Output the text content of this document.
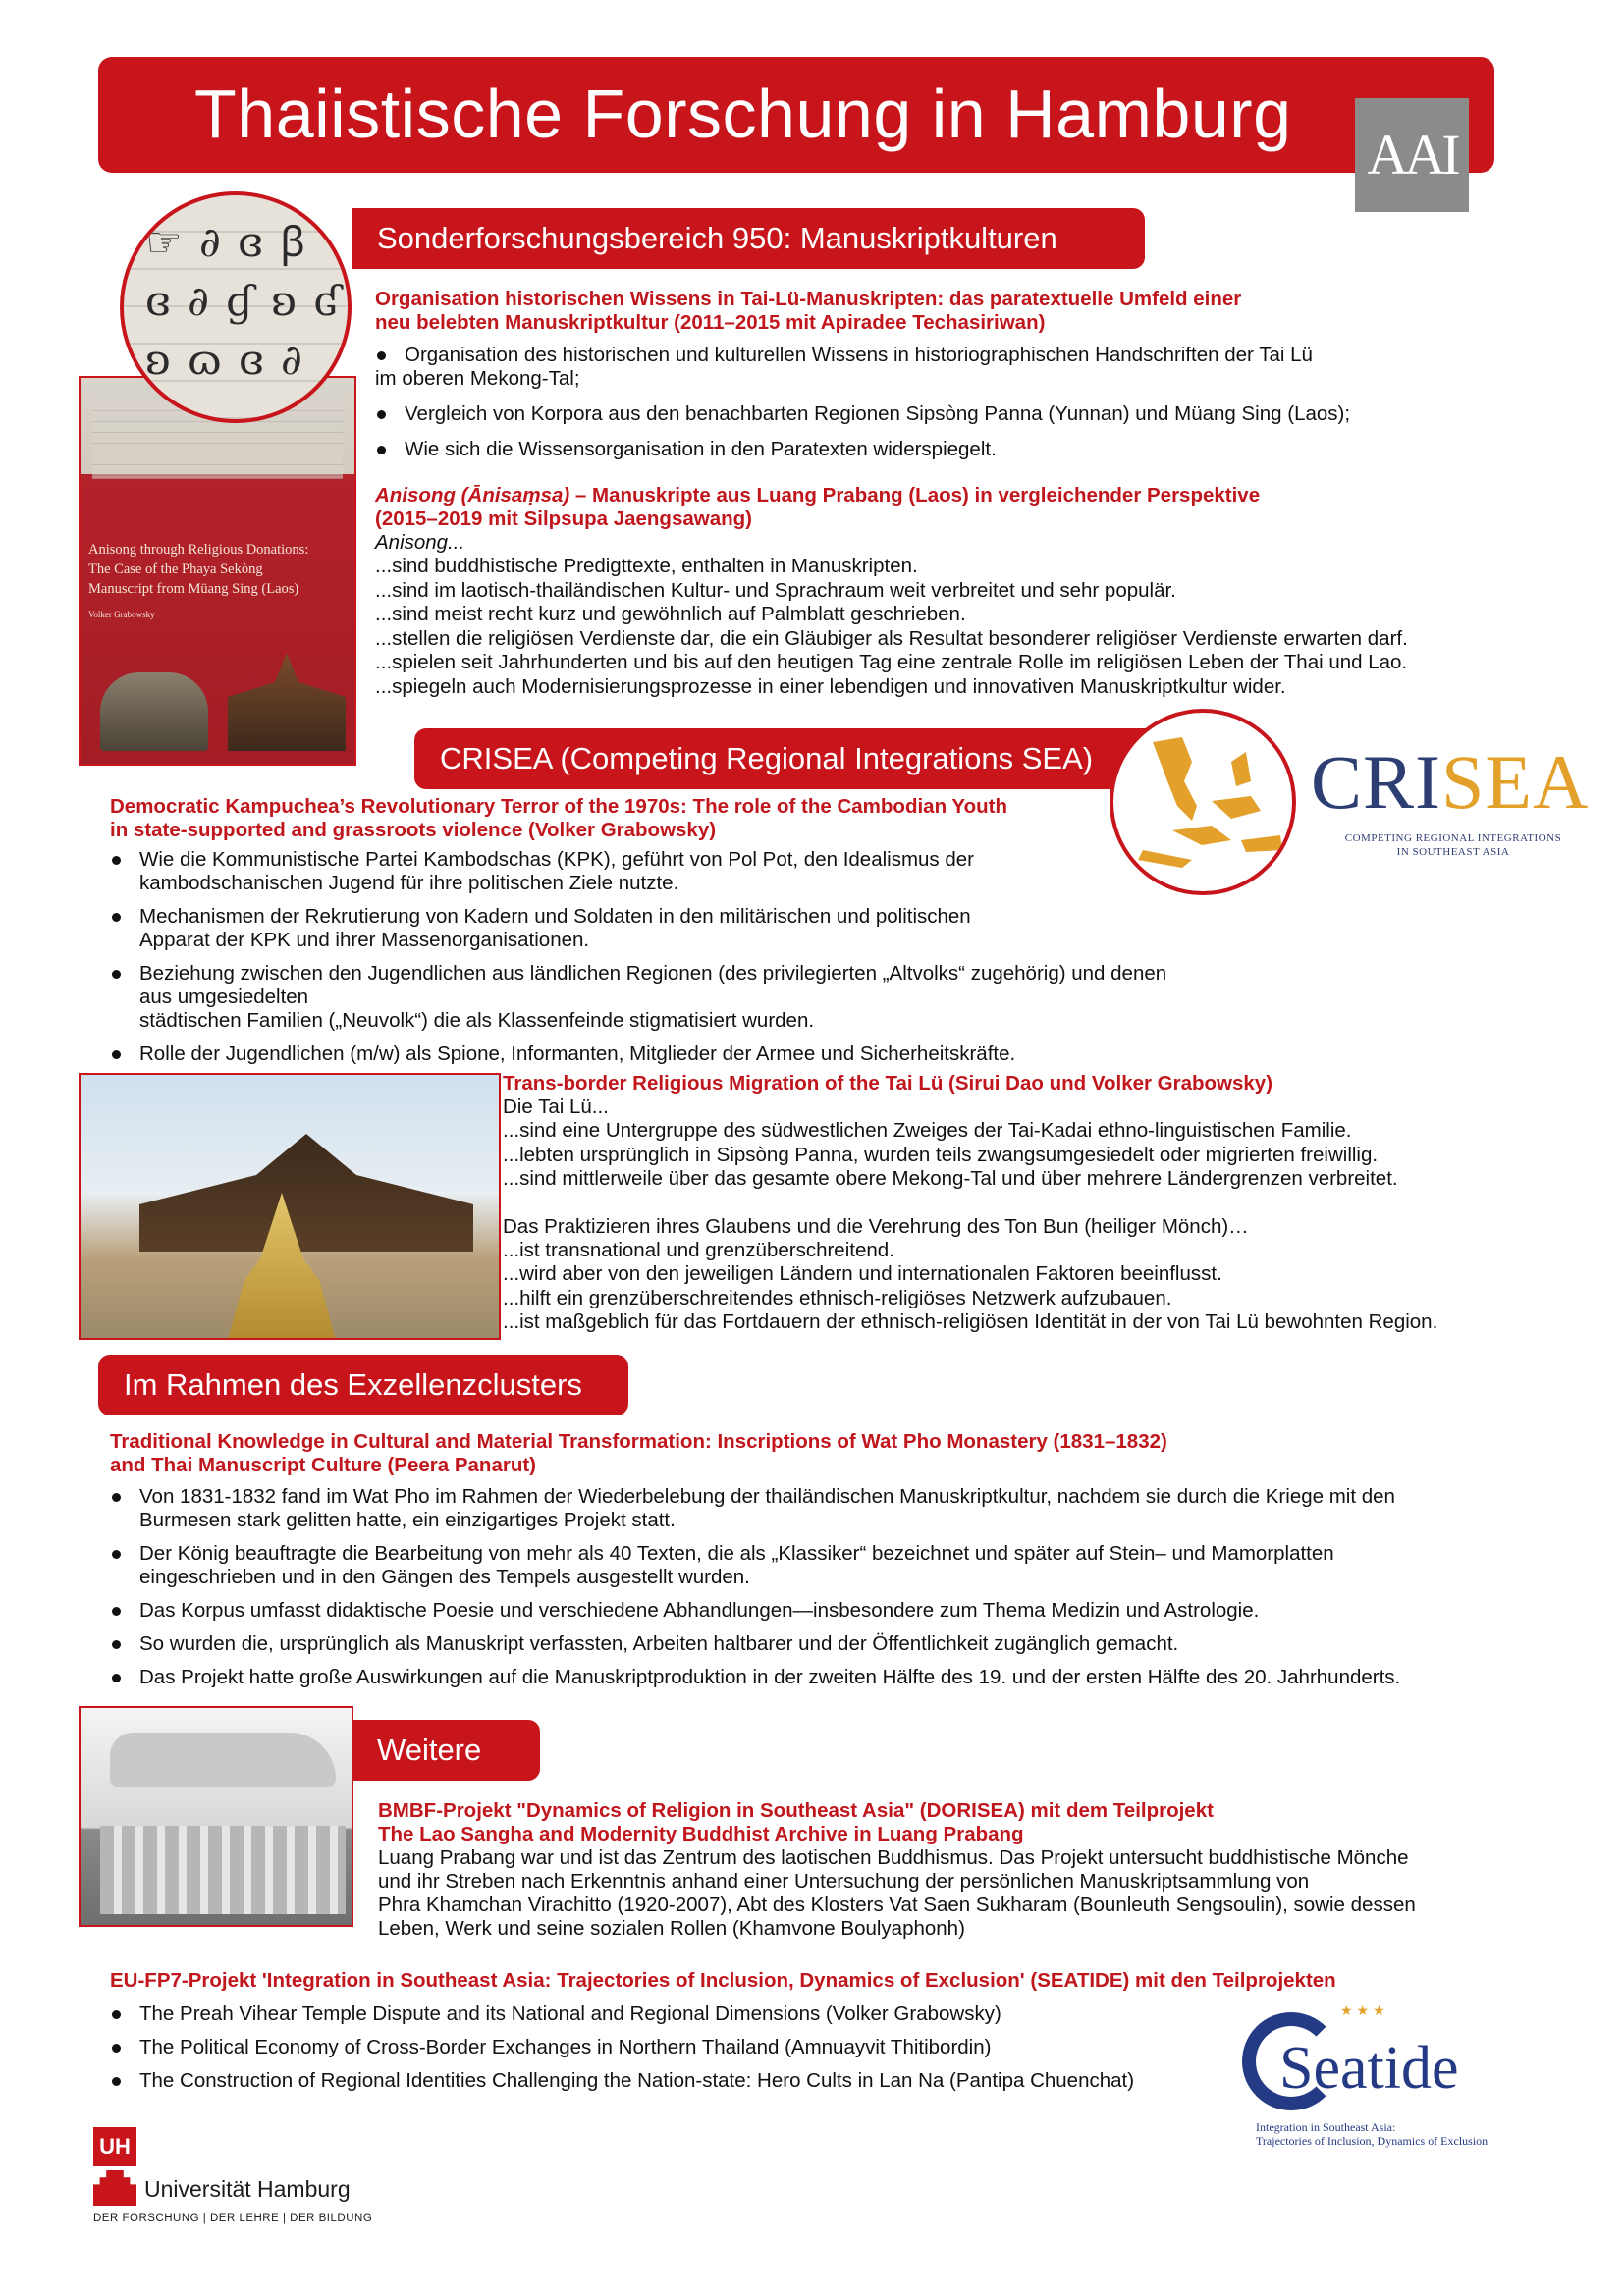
Thaiistische Forschung in Hamburg
AAI
Anisong through Religious Donations:
The Case of the Phaya Sekòng
Manuscript from Müang Sing (Laos)
Volker Grabowsky
☞ ∂ ɞ ꞵ
ɞ ∂ ɠ ʚ ʛ
ʚ ɷ ɞ ∂
Sonderforschungsbereich 950: Manuskriptkulturen
Organisation historischen Wissens in Tai-Lü-Manuskripten: das paratextuelle Umfeld einer
neu belebten Manuskriptkultur (2011–2015 mit Apiradee Techasiriwan)
Organisation des historischen und kulturellen Wissens in historiographischen Handschriften der Tai Lü
im oberen Mekong-Tal;
Vergleich von Korpora aus den benachbarten Regionen Sipsòng Panna (Yunnan) und Müang Sing (Laos);
Wie sich die Wissensorganisation in den Paratexten widerspiegelt.
Anisong (Ānisaṃsa) – Manuskripte aus Luang Prabang (Laos) in vergleichender Perspektive
(2015–2019 mit Silpsupa Jaengsawang)
Anisong...
...sind buddhistische Predigttexte, enthalten in Manuskripten.
...sind im laotisch-thailändischen Kultur- und Sprachraum weit verbreitet und sehr populär.
...sind meist recht kurz und gewöhnlich auf Palmblatt geschrieben.
...stellen die religiösen Verdienste dar, die ein Gläubiger als Resultat besonderer religiöser Verdienste erwarten darf.
...spielen seit Jahrhunderten und bis auf den heutigen Tag eine zentrale Rolle im religiösen Leben der Thai und Lao.
...spiegeln auch Modernisierungsprozesse in einer lebendigen und innovativen Manuskriptkultur wider.
CRISEA (Competing Regional Integrations SEA)	CRISEA
COMPETING REGIONAL INTEGRATIONS
IN SOUTHEAST ASIA
Democratic Kampuchea’s Revolutionary Terror of the 1970s: The role of the Cambodian Youth
in state-supported and grassroots violence (Volker Grabowsky)
Wie die Kommunistische Partei Kambodschas (KPK), geführt von Pol Pot, den Idealismus der
kambodschanischen Jugend für ihre politischen Ziele nutzte.
Mechanismen der Rekrutierung von Kadern und Soldaten in den militärischen und politischen
Apparat der KPK und ihrer Massenorganisationen.
Beziehung zwischen den Jugendlichen aus ländlichen Regionen (des privilegierten „Altvolks“ zugehörig) und denen aus umgesiedelten
städtischen Familien („Neuvolk“) die als Klassenfeinde stigmatisiert wurden.
Rolle der Jugendlichen (m/w) als Spione, Informanten, Mitglieder der Armee und Sicherheitskräfte.
Trans-border Religious Migration of the Tai Lü (Sirui Dao und Volker Grabowsky)
Die Tai Lü...
...sind eine Untergruppe des südwestlichen Zweiges der Tai-Kadai ethno-linguistischen Familie.
...lebten ursprünglich in Sipsòng Panna, wurden teils zwangsumgesiedelt oder migrierten freiwillig.
...sind mittlerweile über das gesamte obere Mekong-Tal und über mehrere Ländergrenzen verbreitet.
Das Praktizieren ihres Glaubens und die Verehrung des Ton Bun (heiliger Mönch)…
...ist transnational und grenzüberschreitend.
...wird aber von den jeweiligen Ländern und internationalen Faktoren beeinflusst.
...hilft ein grenzüberschreitendes ethnisch-religiöses Netzwerk aufzubauen.
...ist maßgeblich für das Fortdauern der ethnisch-religiösen Identität in der von Tai Lü bewohnten Region.
Im Rahmen des Exzellenzclusters
Traditional Knowledge in Cultural and Material Transformation: Inscriptions of Wat Pho Monastery (1831–1832)
and Thai Manuscript Culture (Peera Panarut)
Von 1831-1832 fand im Wat Pho im Rahmen der Wiederbelebung der thailändischen Manuskriptkultur, nachdem sie durch die Kriege mit den
Burmesen stark gelitten hatte, ein einzigartiges Projekt statt.
Der König beauftragte die Bearbeitung von mehr als 40 Texten, die als „Klassiker“ bezeichnet und später auf Stein– und Mamorplatten
eingeschrieben und in den Gängen des Tempels ausgestellt wurden.
Das Korpus umfasst didaktische Poesie und verschiedene Abhandlungen—insbesondere zum Thema Medizin und Astrologie.
So wurden die, ursprünglich als Manuskript verfassten, Arbeiten haltbarer und der Öffentlichkeit zugänglich gemacht.
Das Projekt hatte große Auswirkungen auf die Manuskriptproduktion in der zweiten Hälfte des 19. und der ersten Hälfte des 20. Jahrhunderts.
Weitere
BMBF-Projekt "Dynamics of Religion in Southeast Asia" (DORISEA) mit dem Teilprojekt
The Lao Sangha and Modernity Buddhist Archive in Luang Prabang
Luang Prabang war und ist das Zentrum des laotischen Buddhismus. Das Projekt untersucht buddhistische Mönche
und ihr Streben nach Erkenntnis anhand einer Untersuchung der persönlichen Manuskriptsammlung von
Phra Khamchan Virachitto (1920-2007), Abt des Klosters Vat Saen Sukharam (Bounleuth Sengsoulin), sowie dessen
Leben, Werk und seine sozialen Rollen (Khamvone Boulyaphonh)
EU-FP7-Projekt 'Integration in Southeast Asia: Trajectories of Inclusion, Dynamics of Exclusion' (SEATIDE) mit den Teilprojekten
The Preah Vihear Temple Dispute and its National and Regional Dimensions (Volker Grabowsky)
The Political Economy of Cross-Border Exchanges in Northern Thailand (Amnuayvit Thitibordin)
The Construction of Regional Identities Challenging the Nation-state: Hero Cults in Lan Na (Pantipa Chuenchat)
★★★
Seatide
Integration in Southeast Asia:
Trajectories of Inclusion, Dynamics of Exclusion
UH
Universität Hamburg
DER FORSCHUNG | DER LEHRE | DER BILDUNG
